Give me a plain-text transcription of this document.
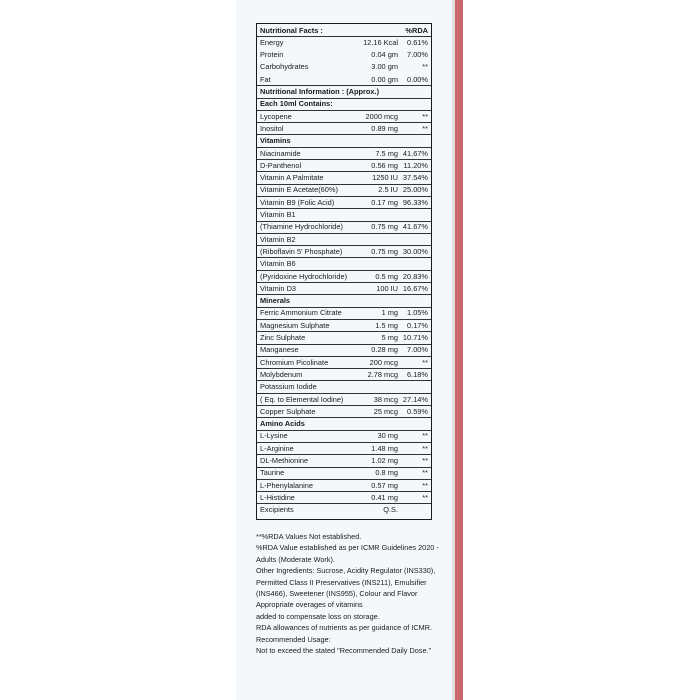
Nutritional Facts :	%RDA
Energy	12.16 Kcal 0.61%
Protein	0.04 gm 7.00%
Carbohydrates	3.00 gm	**
Fat	0.00 gm 0.00%
Nutritional Information : (Approx.)
Each 10ml Contains:
Lycopene	2000 mcg	**
Inositol	0.89 mg	**
Vitamins
Niacinamide	7.5 mg 41.67%
D-Panthenol	0.56 mg 11.20%
Vitamin A Palmitate	1250 IU 37.54%
Vitamin E Acetate(60%)	2.5 IU 25.00%
Vitamin B9 (Folic Acid)	0.17 mg 96.33%
Vitamin B1
(Thiamine Hydrochloride)	0.75 mg 41.67%
Vitamin B2
(Riboflavin 5' Phosphate)	0.75 mg 30.00%
Vitamin B6
(Pyridoxine Hydrochloride)	0.5 mg 20.83%
Vitamin D3	100 IU 16.67%
Minerals
Ferric Ammonium Citrate	1 mg 1.05%
Magnesium Sulphate	1.5 mg 0.17%
Zinc Sulphate	5 mg 10.71%
Manganese	0.28 mg 7.00%
Chromium Picolinate	200 mcg	**
Molybdenum	2.78 mcg 6.18%
Potassium Iodide
( Eq. to Elemental Iodine)	38 mcg 27.14%
Copper Sulphate	25 mcg 0.59%
Amino Acids
L-Lysine	30 mg	**
L-Arginine	1.48 mg	**
DL-Methionine	1.02 mg	**
Taurine	0.8 mg	**
L-Phenylalanine	0.57 mg	**
L-Histidine	0.41 mg	**
Excipients	Q.S.
**%RDA Values Not established.
%RDA Value established as per ICMR Guidelines 2020 -
Adults (Moderate Work).
Other Ingredients: Sucrose, Acidity Regulator (INS330),
Permitted Class II Preservatives (INS211), Emulsifier
(INS466), Sweetener (INS955), Colour and Flavor
Appropriate overages of vitamins
added to compensate loss on storage.
RDA allowances of nutrients as per guidance of ICMR.
Recommended Usage:
Not to exceed the stated "Recommended Daily Dose."
